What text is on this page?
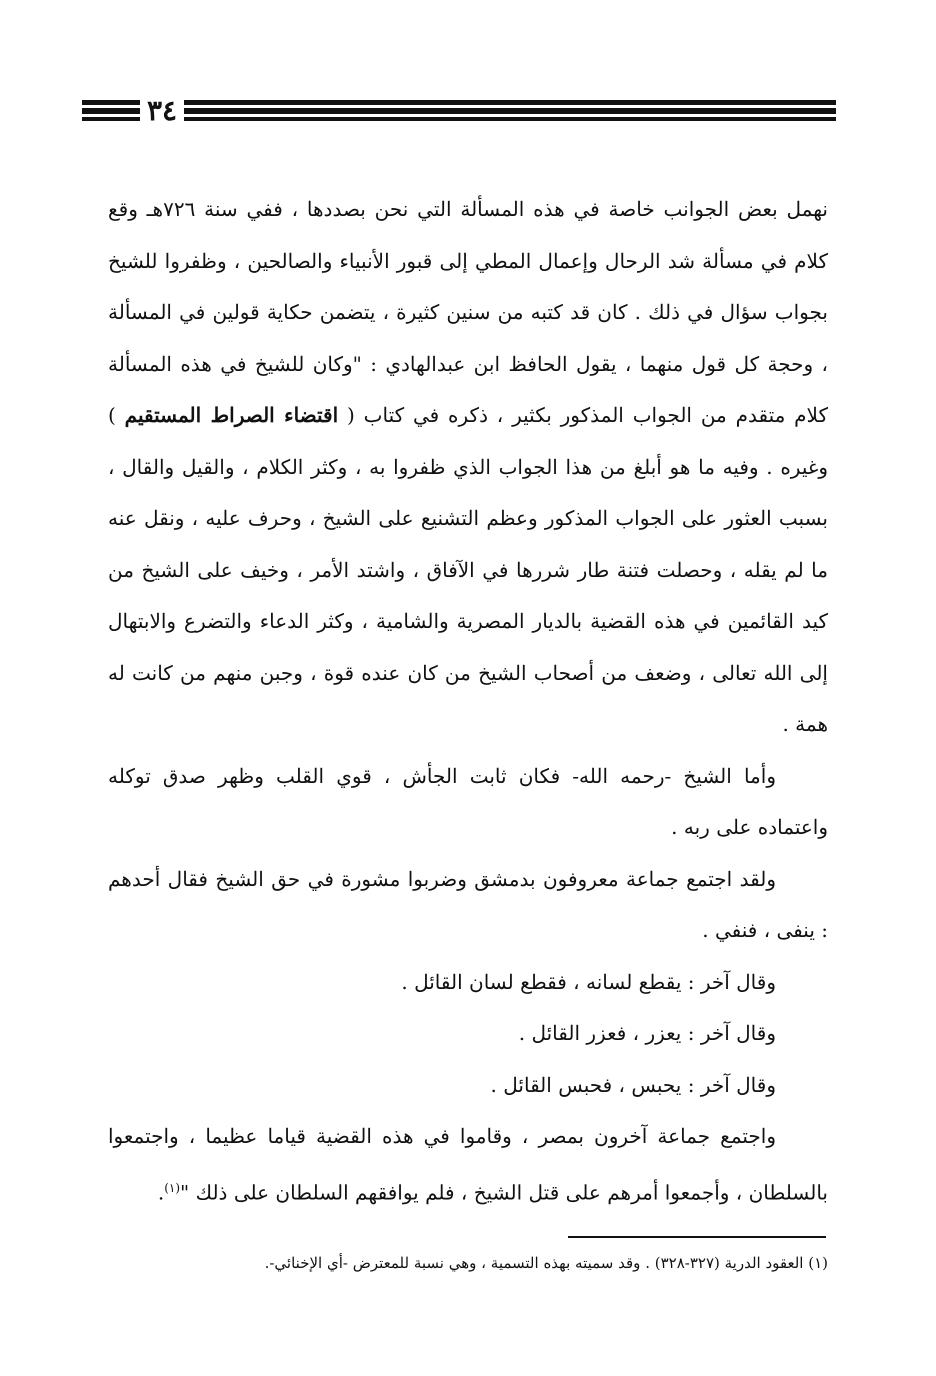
٣٤

نهمل بعض الجوانب خاصة في هذه المسألة التي نحن بصددها ، ففي سنة ٧٢٦هـ وقع كلام في مسألة شد الرحال وإعمال المطي إلى قبور الأنبياء والصالحين ، وظفروا للشيخ بجواب سؤال في ذلك . كان قد كتبه من سنين كثيرة ، يتضمن حكاية قولين في المسألة ، وحجة كل قول منهما ، يقول الحافظ ابن عبدالهادي : "وكان للشيخ في هذه المسألة كلام متقدم من الجواب المذكور بكثير ، ذكره في كتاب ( اقتضاء الصراط المستقيم ) وغيره . وفيه ما هو أبلغ من هذا الجواب الذي ظفروا به ، وكثر الكلام ، والقيل والقال ، بسبب العثور على الجواب المذكور وعظم التشنيع على الشيخ ، وحرف عليه ، ونقل عنه ما لم يقله ، وحصلت فتنة طار شررها في الآفاق ، واشتد الأمر ، وخيف على الشيخ من كيد القائمين في هذه القضية بالديار المصرية والشامية ، وكثر الدعاء والتضرع والابتهال إلى الله تعالى ، وضعف من أصحاب الشيخ من كان عنده قوة ، وجبن منهم من كانت له همة .

وأما الشيخ -رحمه الله- فكان ثابت الجأش ، قوي القلب وظهر صدق توكله واعتماده على ربه .

ولقد اجتمع جماعة معروفون بدمشق وضربوا مشورة في حق الشيخ فقال أحدهم : ينفى ، فنفي .

وقال آخر : يقطع لسانه ، فقطع لسان القائل .

وقال آخر : يعزر ، فعزر القائل .

وقال آخر : يحبس ، فحبس القائل .

واجتمع جماعة آخرون بمصر ، وقاموا في هذه القضية قياما عظيما ، واجتمعوا بالسلطان ، وأجمعوا أمرهم على قتل الشيخ ، فلم يوافقهم السلطان على ذلك "$^{(١)}$.

(١) العقود الدرية (٣٢٧-٣٢٨) . وقد سميته بهذه التسمية ، وهي نسبة للمعترض -أي الإخنائي-.
